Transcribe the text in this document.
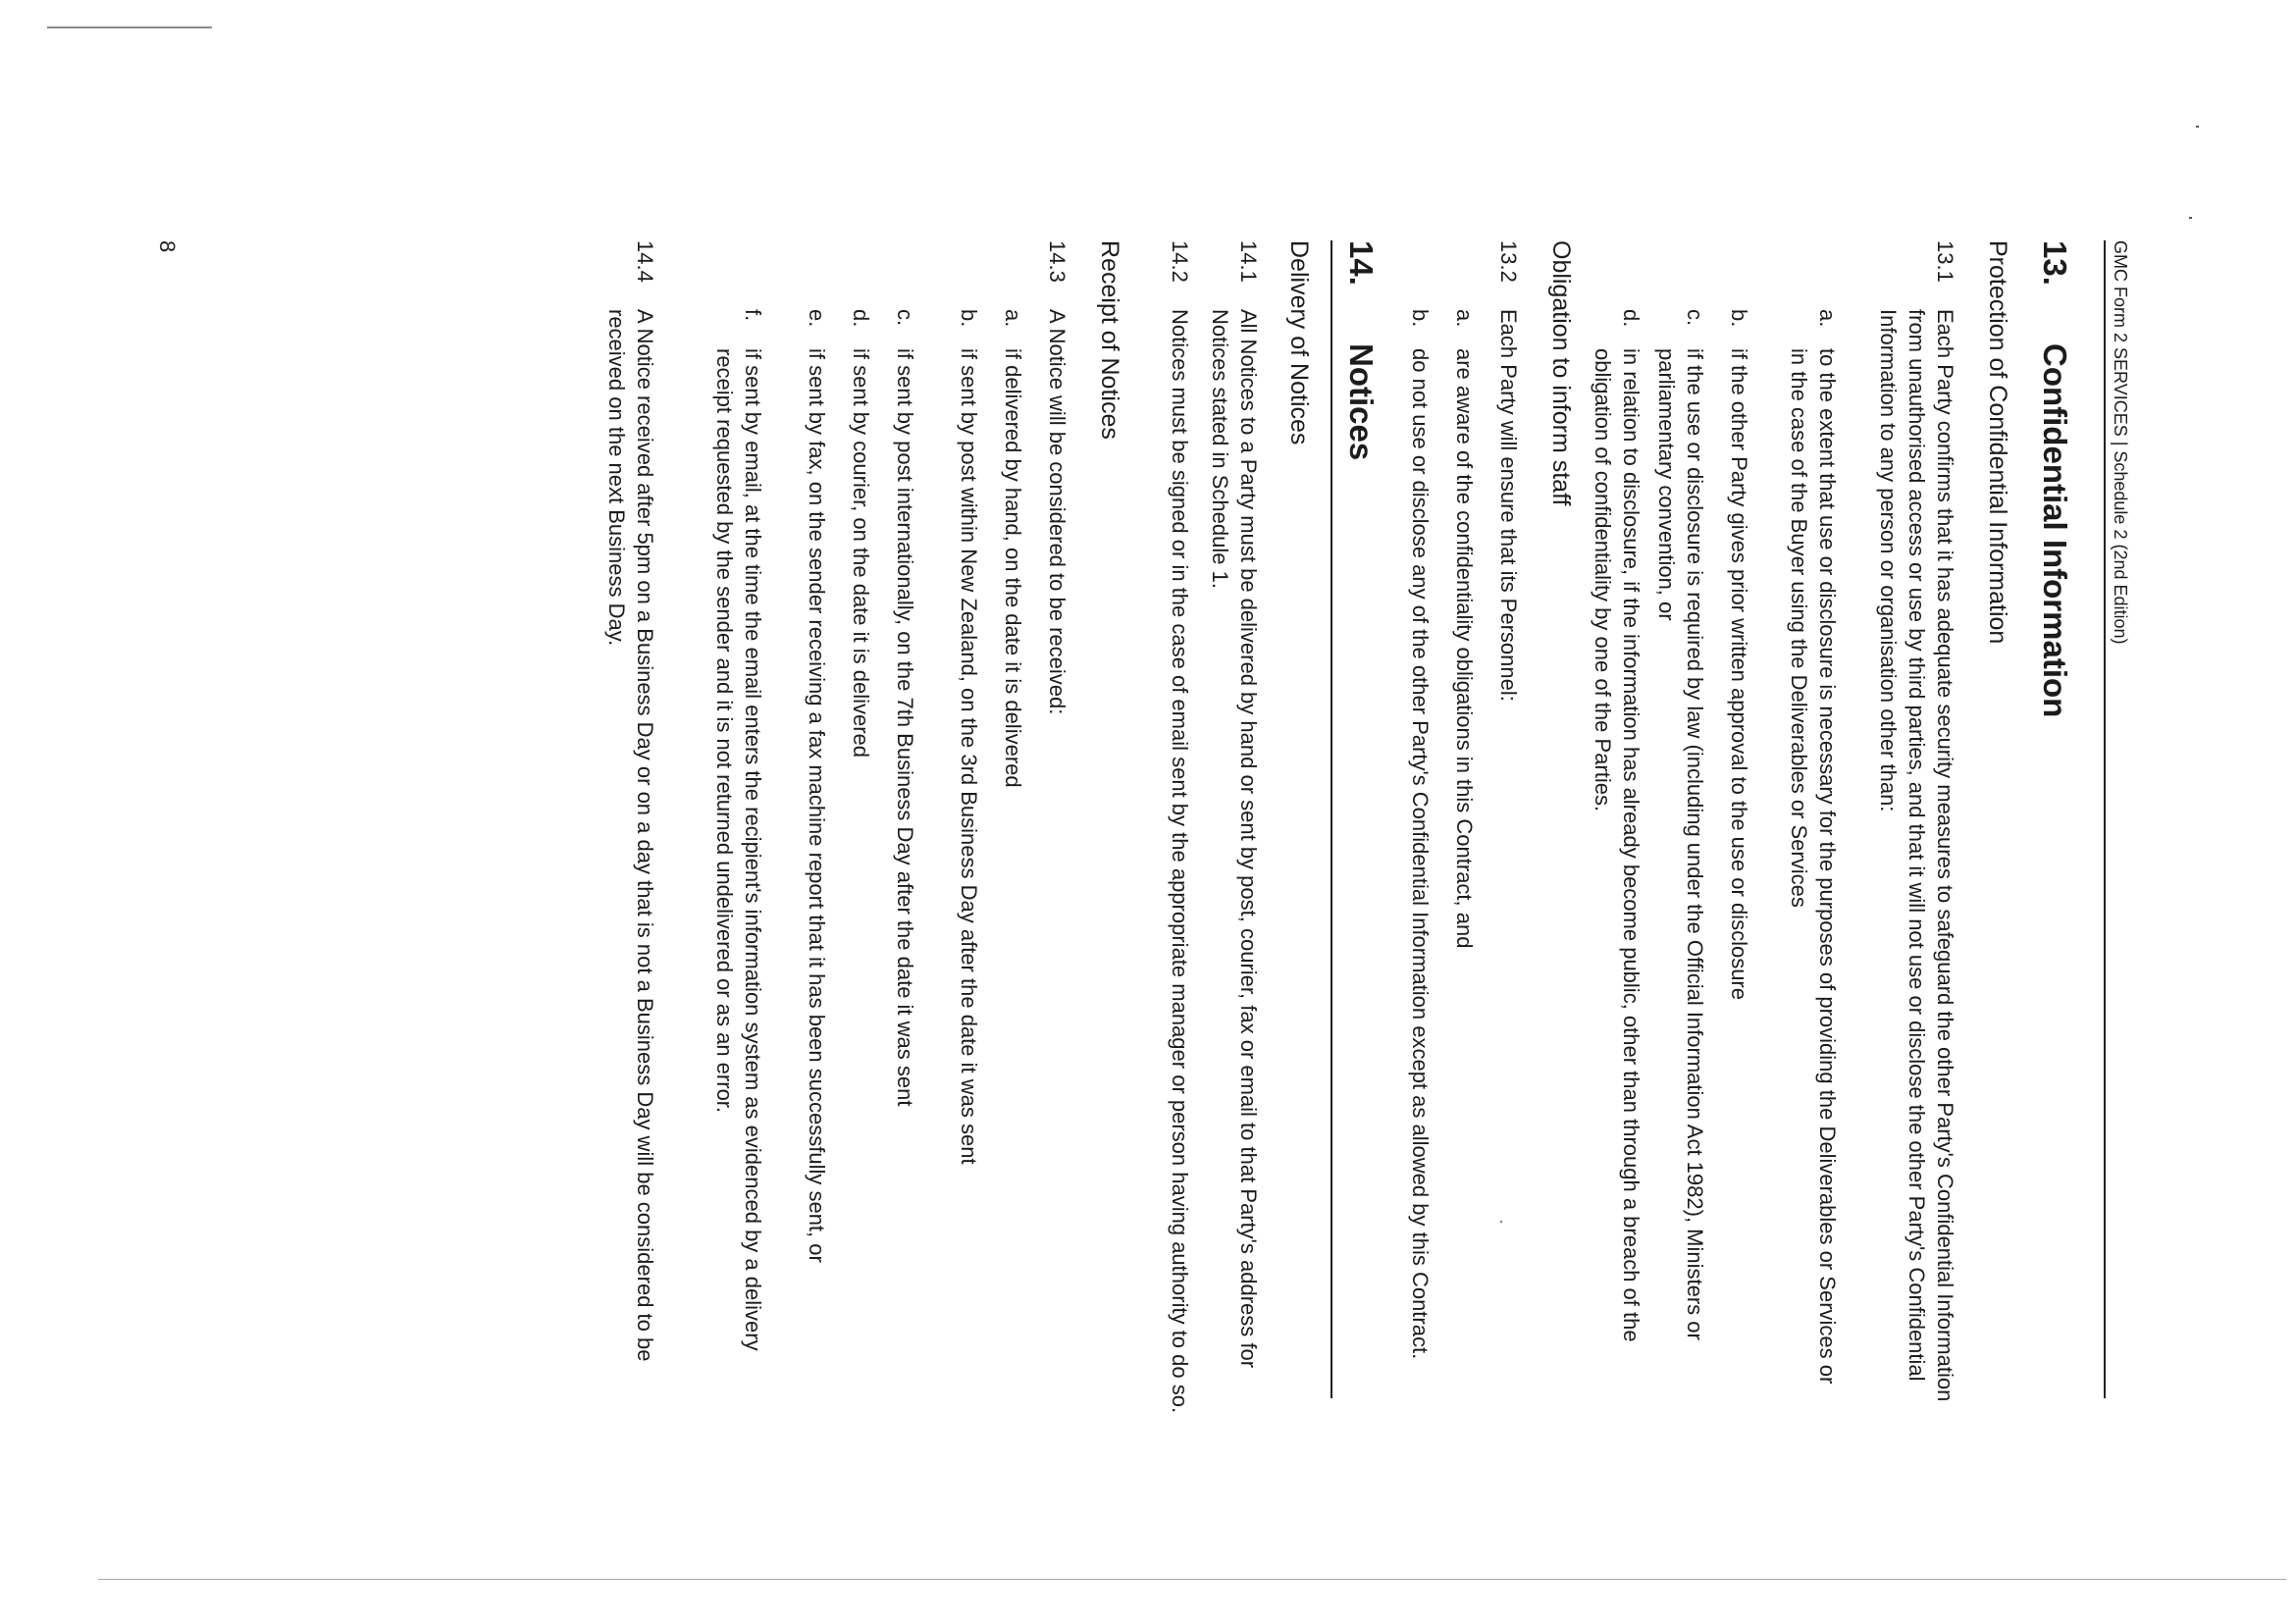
GMC Form 2 SERVICES | Schedule 2 (2nd Edition)
13.
Confidential Information
Protection of Confidential Information
13.1
Each Party confirms that it has adequate security measures to safeguard the other Party's Confidential Information from unauthorised access or use by third parties, and that it will not use or disclose the other Party's Confidential Information to any person or organisation other than:
a.
to the extent that use or disclosure is necessary for the purposes of providing the Deliverables or Services or in the case of the Buyer using the Deliverables or Services
b.
if the other Party gives prior written approval to the use or disclosure
c.
if the use or disclosure is required by law (including under the Official Information Act 1982), Ministers or parliamentary convention, or
d.
in relation to disclosure, if the information has already become public, other than through a breach of the obligation of confidentiality by one of the Parties.
Obligation to inform staff
13.2
Each Party will ensure that its Personnel:
a.
are aware of the confidentiality obligations in this Contract, and
b.
do not use or disclose any of the other Party's Confidential Information except as allowed by this Contract.
14.
Notices
Delivery of Notices
14.1
All Notices to a Party must be delivered by hand or sent by post, courier, fax or email to that Party's address for Notices stated in Schedule 1.
14.2
Notices must be signed or in the case of email sent by the appropriate manager or person having authority to do so.
Receipt of Notices
14.3
A Notice will be considered to be received:
a.
if delivered by hand, on the date it is delivered
b.
if sent by post within New Zealand, on the 3rd Business Day after the date it was sent
c.
if sent by post internationally, on the 7th Business Day after the date it was sent
d.
if sent by courier, on the date it is delivered
e.
if sent by fax, on the sender receiving a fax machine report that it has been successfully sent, or
f.
if sent by email, at the time the email enters the recipient's information system as evidenced by a delivery receipt requested by the sender and it is not returned undelivered or as an error.
14.4
A Notice received after 5pm on a Business Day or on a day that is not a Business Day will be considered to be received on the next Business Day.
8
